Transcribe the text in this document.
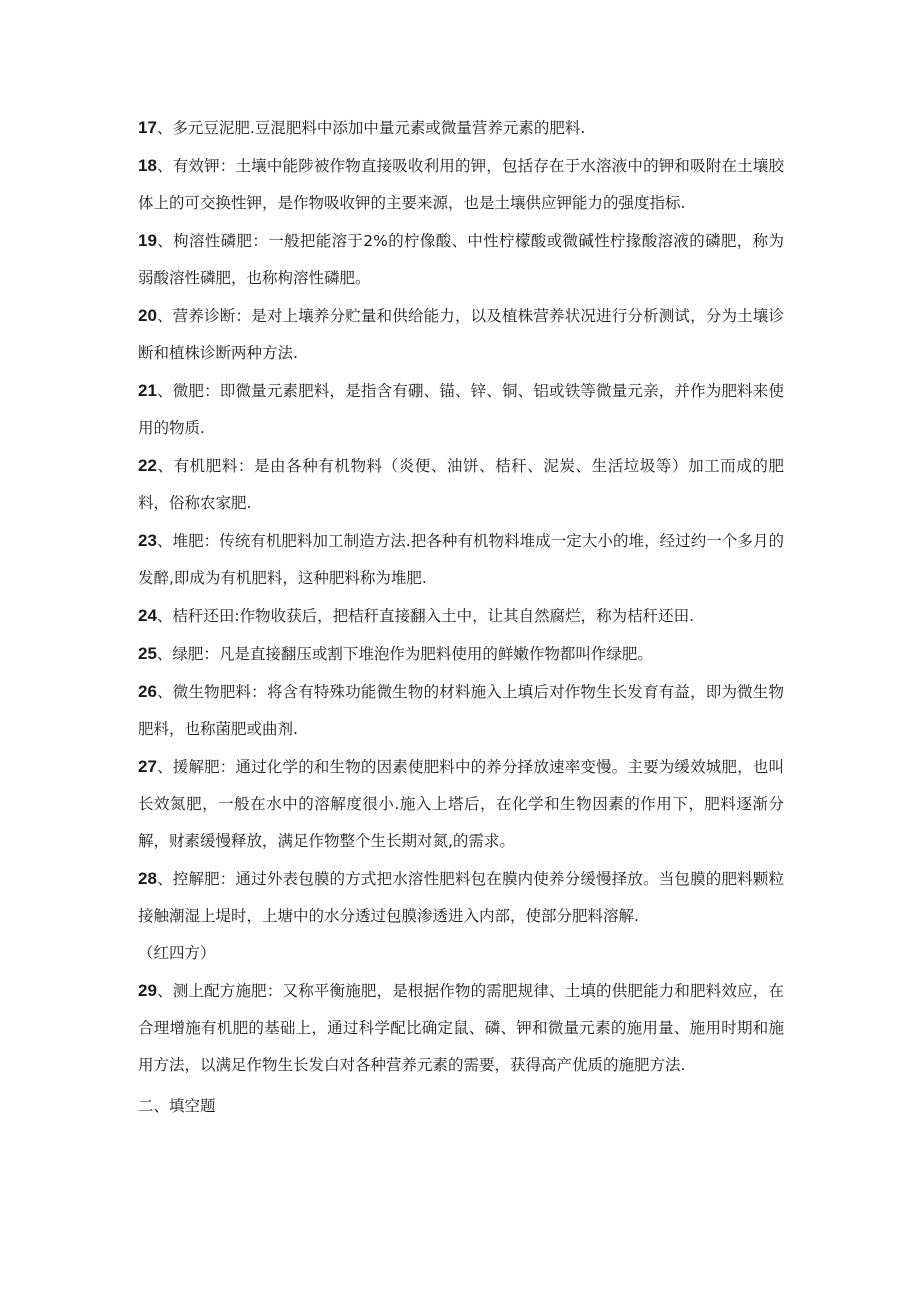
17、多元豆泥肥.豆混肥料中添加中量元素或微量营养元素的肥料.

18、有效钾：土壤中能陟被作物直接吸收利用的钾，包括存在于水溶液中的钾和吸附在土壤胶体上的可交换性钾，是作物吸收钾的主要来源，也是土壤供应钾能力的强度指标.

19、枸溶性磷肥：一般把能溶于2%的柠像酸、中性柠檬酸或微碱性柠掾酸溶液的磷肥，称为弱酸溶性磷肥，也称枸溶性磷肥。

20、营养诊断：是对上壤养分贮量和供给能力，以及植株营养状况进行分析测试，分为土壤诊断和植株诊断两种方法.

21、微肥：即微量元素肥料，是指含有硼、锚、锌、铜、铝或铁等微量元亲，并作为肥料来使用的物质.

22、有机肥料：是由各种有机物料（炎便、油饼、桔秆、泥炭、生活垃圾等）加工而成的肥料，俗称农家肥.

23、堆肥：传统有机肥料加工制造方法.把各种有机物料堆成一定大小的堆，经过约一个多月的发醉,即成为有机肥料，这种肥料称为堆肥.

24、桔秆还田:作物收获后，把桔秆直接翻入土中，让其自然腐烂，称为桔秆还田.

25、绿肥：凡是直接翻压或割下堆泡作为肥料使用的鲜嫩作物都叫作绿肥。

26、微生物肥料：将含有特殊功能微生物的材料施入上填后对作物生长发育有益，即为微生物肥料，也称菌肥或曲剂.

27、援解肥：通过化学的和生物的因素使肥料中的养分择放速率变慢。主要为缓效城肥，也叫长效氮肥，一般在水中的溶解度很小.施入上塔后，在化学和生物因素的作用下，肥料逐渐分解，财素缓慢释放，满足作物整个生长期对氮,的需求。

28、控解肥：通过外表包膜的方式把水溶性肥料包在膜内使养分缓慢择放。当包膜的肥料颗粒接触潮湿上堤时，上塘中的水分透过包膜渗透进入内部，使部分肥料溶解.

（红四方）

29、测上配方施肥：又称平衡施肥，是根据作物的需肥规律、土填的供肥能力和肥料效应，在合理增施有机肥的基础上，通过科学配比确定鼠、磷、钾和微量元素的施用量、施用时期和施用方法，以满足作物生长发白对各种营养元素的需要，获得高产优质的施肥方法.

二、填空题
